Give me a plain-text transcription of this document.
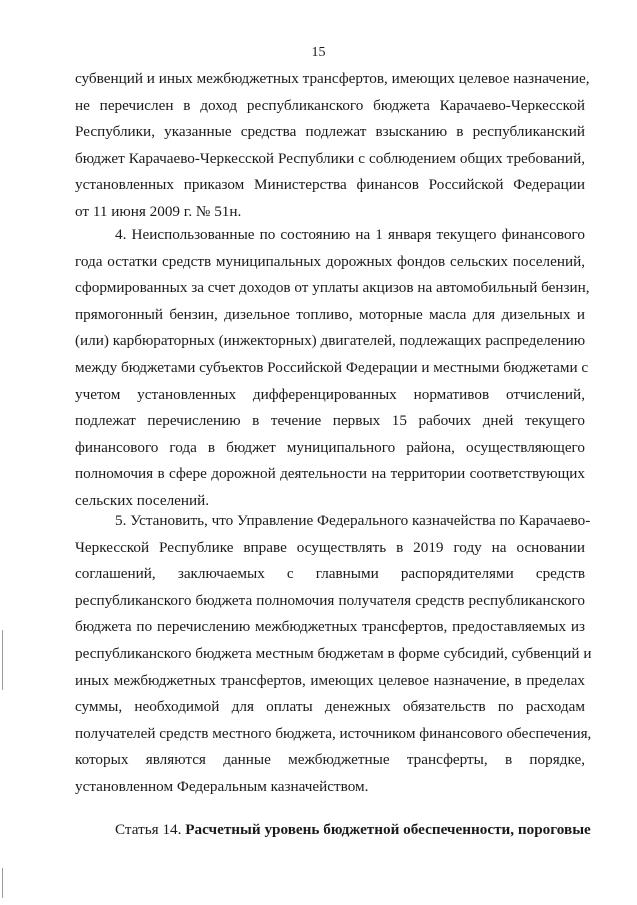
15
субвенций и иных межбюджетных трансфертов, имеющих целевое назначение,
не перечислен в доход республиканского бюджета Карачаево-Черкесской
Республики, указанные средства подлежат взысканию в республиканский
бюджет Карачаево-Черкесской Республики с соблюдением общих требований,
установленных приказом Министерства финансов Российской Федерации
от 11 июня 2009 г. № 51н.
4. Неиспользованные по состоянию на 1 января текущего финансового
года остатки средств муниципальных дорожных фондов сельских поселений,
сформированных за счет доходов от уплаты акцизов на автомобильный бензин,
прямогонный бензин, дизельное топливо, моторные масла для дизельных и
(или) карбюраторных (инжекторных) двигателей, подлежащих распределению
между бюджетами субъектов Российской Федерации и местными бюджетами с
учетом установленных дифференцированных нормативов отчислений,
подлежат перечислению в течение первых 15 рабочих дней текущего
финансового года в бюджет муниципального района, осуществляющего
полномочия в сфере дорожной деятельности на территории соответствующих
сельских поселений.
5. Установить, что Управление Федерального казначейства по Карачаево-
Черкесской Республике вправе осуществлять в 2019 году на основании
соглашений, заключаемых с главными распорядителями средств
республиканского бюджета полномочия получателя средств республиканского
бюджета по перечислению межбюджетных трансфертов, предоставляемых из
республиканского бюджета местным бюджетам в форме субсидий, субвенций и
иных межбюджетных трансфертов, имеющих целевое назначение, в пределах
суммы, необходимой для оплаты денежных обязательств по расходам
получателей средств местного бюджета, источником финансового обеспечения,
которых являются данные межбюджетные трансферты, в порядке,
установленном Федеральным казначейством.
Статья 14. Расчетный уровень бюджетной обеспеченности, пороговые
